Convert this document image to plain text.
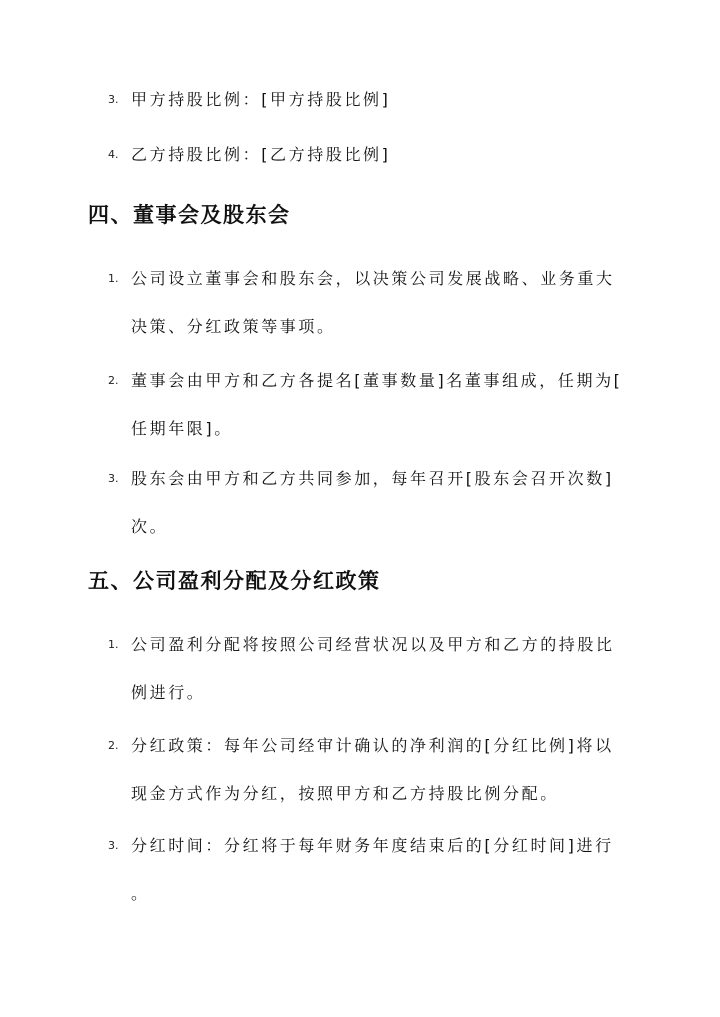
3. 甲方持股比例：[甲方持股比例]
4. 乙方持股比例：[乙方持股比例]
四、董事会及股东会
1. 公司设立董事会和股东会，以决策公司发展战略、业务重大
决策、分红政策等事项。
2. 董事会由甲方和乙方各提名[董事数量]名董事组成，任期为[
任期年限]。
3. 股东会由甲方和乙方共同参加，每年召开[股东会召开次数]
次。
五、公司盈利分配及分红政策
1. 公司盈利分配将按照公司经营状况以及甲方和乙方的持股比
例进行。
2. 分红政策：每年公司经审计确认的净利润的[分红比例]将以
现金方式作为分红，按照甲方和乙方持股比例分配。
3. 分红时间：分红将于每年财务年度结束后的[分红时间]进行
。
